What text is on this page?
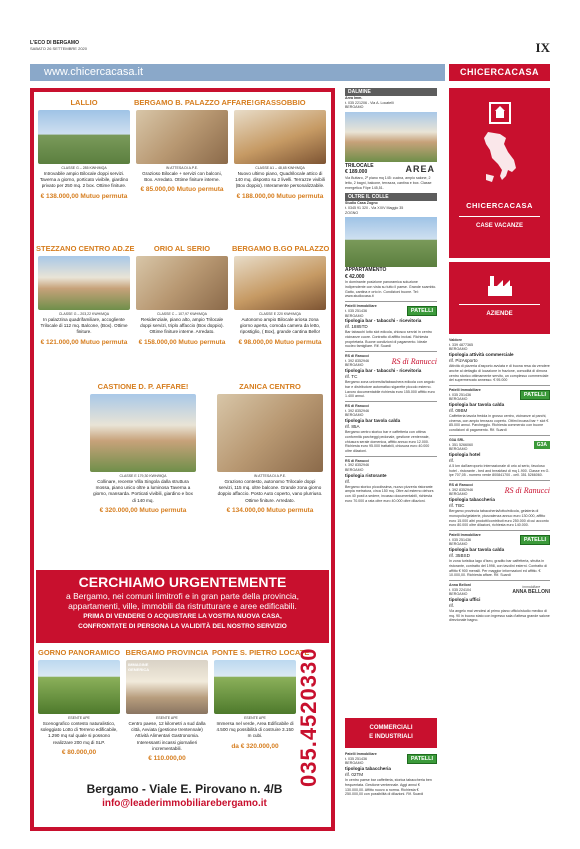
L'ECO DI BERGAMO
SABATO 26 SETTEMBRE 2020	IX
www.chicercacasa.it	CHICERCACASA
LALLIO
CLASSE G – 285 KWH/MQA
Introvabile ampio Bilocale doppi servizi. Taverna a giorno, porticato vivibile, giardino privato per 250 mq. 2 box. Ottime finiture.
€ 138.000,00 Mutuo permuta
BERGAMO B. PALAZZO AFFARE!
IN ATTESA DI A.P.E.
Grazioso Bilocale + servizi con balconi, Box. Arredato. Ottime finiture interne.
€ 85.000,00 Mutuo permuta
GRASSOBBIO
CLASSE A1 – 48,65 KWH/MQA
Nuovo ultimo piano, Quadrilocale attico di 140 mq. disposto su 2 livelli. Terrazze vivibili (Box doppio). Interamente personalizzabile.
€ 188.000,00 Mutuo permuta
STEZZANO CENTRO AD.ZE
CLASSE G – 203,22 KWH/MQA
In palazzina quadrifamiliare, accogliente Trilocale di 112 mq. Balcone, (Box). Ottime finiture.
€ 121.000,00 Mutuo permuta
ORIO AL SERIO
CLASSE C – 107,97 KWH/MQA
Residenziale, piano alto, ampio Trilocale doppi servizi, triplo affaccio (Box doppio). Ottime finiture interne. Arredato.
€ 158.000,00 Mutuo permuta
BERGAMO B.GO PALAZZO
CLASSE E 220 KWH/MQA
Autonomo ampio Bilocale ariosa zona giorno aperta, comoda camera da letto, ripostiglio, ( Box), grande cantina Bello!
€ 98.000,00 Mutuo permuta
CASTIONE D. P. AFFARE!
CLASSE E 179,30 KWH/MQA
Collinare, recente Villa Singola dalla struttura mossa, piano unico oltre a luminosa Taverna a giorno, mansarda. Porticati vivibili, giardino e box di 140 mq.
€ 320.000,00 Mutuo permuta
ZANICA CENTRO
IN ATTESA DI A.P.E.
Grazioso contesto, autonomo Trilocale doppi servizi, 115 mq. oltre balcone. Grande zona giorno doppio affaccio. Posto Auto coperto, vano plurriuso. Ottime finiture. Arredato.
€ 134.000,00 Mutuo permuta
CERCHIAMO URGENTEMENTE
a Bergamo, nei comuni limitrofi e in gran parte della provincia,
appartamenti, ville, immobili da ristrutturare e aree edificabili.
PRIMA DI VENDERE O ACQUISTARE LA VOSTRA NUOVA CASA,
CONFRONTATE DI PERSONA LA VALIDITÀ DEL NOSTRO SERVIZIO
GORNO PANORAMICO
ESENTE APE
Scenografico contesto naturalistico, soleggiato Lotto di Terreno edificabile, 1.290 mq sul quale si possono realizzare 200 mq di SLP.
€ 80.000,00
BERGAMO PROVINCIA
IMMAGINE GENERICA
ESENTE APE
Centro paese, 12 kilometri a sud dalla città, Avviata (gestione trentennale) Attività Alimentari Gastronomia. Interessanti incassi giornalieri incrementabili.
€ 110.000,00
PONTE S. PIETRO LOCATE
ESENTE APE
Immersa nel verde, Area Edificabile di 4.500 mq possibilità di costruire 3.150 m cubi.
da € 320.000,00 035.4520330
Bergamo - Viale E. Pirovano n. 4/B
info@leaderimmobiliarebergamo.it
DALMINE
Area Imm.
t. 035 221206 - Via A. Locatelli
BERGAMO
TRILOCALE
€ 189.000	AREA
Via Buttaro, 2º piano mq 145: cucina, ampio salone, 2 letto, 2 bagni, balcone, terrazza, cantina e box. Classe energetica F/ipe 145,51.
OLTRE IL COLLE
Studio Casa Zogno
t. 0345 91 320 - Via XXIV Maggio 35
ZOGNO
APPARTAMENTO
€ 42.000
In dominante posizione panoramica soluzione indipendente con vista su tutto il paese. Grande scambio. Gatto, cantina e orto in. Condizioni buone. Tel: www.studiocasa.it
Patelli Immobiliare
t. 035 251436
BERGAMO
PATELLI
tipologia bar - tabacchi - ricevitoria
rif. 1885TD
Bar tabacchi lotto slot edicola, chiosco servizi in centro vicinanze cuore. Contratto di affitto inclusi. Richiesta proprietaria. Buone condizioni di pagamento. Ideale nucleo famigliare. Rif. Suardi
RS di Ranucci
t. 392 8352946
BERGAMO	RS di Ranucci
tipologia bar - tabacchi - ricevitoria
rif. TC
Bergamo zona universita/tabacchera edicola con angolo bar e distributore automatico sigarette piccolo esterno. Lavoro documentabile richiesta euro 155.000 affitto euro 1.400 annui.
RS di Ranucci
t. 392 8352946
BERGAMO
tipologia bar tavola calda
rif. 85A
Bergamo centro storico bar e caffetteria con ottima conformità parcheggi pedonale, gestione ventennale, chiusura serale domenica, affitto annuo euro 12.000. Richiesta euro 95.000 trattabili, chiusura euro 40.000 oltre dilazioni.
RS di Ranucci
t. 392 8352946
BERGAMO
tipologia ristorante
rif.
Bergamo storico piccolissima, nuovo pizzeria ristorante ampia metratura, circa 150 mq. Oltre ad esterno dehors con 40 posti a sedere, incasso documentabili, richiesta euro 70.000 a rata oltre euro 40.000 oltre dilazioni.
COMMERCIALI
E INDUSTRIALI
Patelli Immobiliare
t. 035 251436
BERGAMO
PATELLI
tipologia tabaccheria
rif. 02TM
In centro paese bar caffetteria, storica tabaccheria ben frequentata. Gestione ventennale. Aggi annui € 130.000,00. Affitto nuovo a norma. Richiesta € 250.000,00 con possibilità di dilazioni. Rif. Suardi
CHICERCACASA
CASE VACANZE
AZIENDE
Valdore
t. 339 4877365
BERGAMO
tipologia attività commerciale
rif. PizAsporto
Attività di pizzeria d'asporto avviata e di buona resa da vendere anche al dettaglio di locazione in frazione, comodità di dimora centro storico ottimamente servito, un complesso commerciale del supermercato annesso. € 95.000
Patelli Immobiliare
t. 035 251436
BERGAMO
PATELLI
tipologia bar tavola calda
rif. 09BM
Caffetteria tavola fredda in grosso centro, vicinanze ai parchi, cinema, con ampio terrazzo coperto. Ottimi incassi bar + slot € 85.000 annui. Parcheggio. Richiesta commercio con buone condizioni di pagamento. Rif. Suardi
G3A SRL
t. 351 5266060
BERGAMO
G3A
tipologia hotel
rif.
A 5 km dall'aeroporto internazionale di orio al serio, favoloso hotel - ristorante - bed and breakfast di mq 1.900. Classe en G. ipe 707,05 - numero verde 800841700 - cell. 351 5266060.
RS di Ranucci
t. 392 8352946
BERGAMO	RS di Ranucci
tipologia tabaccheria
rif. TBC
Bergamo provincia tabaccheria/lotto/edicola, gelateria di monopolio/gelaterie, plusvalenza annuo euro 130.000, affitto euro 15.000 altri prodotti/contributi euro 250.000 di cui acconto euro 80.000 oltre dilazioni, richiesta euro 140.000.
Patelli Immobiliare
t. 035 251436
BERGAMO
PATELLI
tipologia bar tavola calda
rif. 35BSD
In zona turistica lago d'Iseo, gradito bar caffetteria, sfrutta in ristorante, contratto del 1998, con tavolini esterni. Contratto di affitto € 900 mensili. Per maggior informazioni ed affitto. € 10.000,00. Richiesta affare. Rif. Suardi
Anna Belloni
t. 035 224104
BERGAMO
immobiliare
ANNA BELLONI
tipologia uffici
rif.
Via angelo mai vendesi al primo piano ufficio/studio medico di mq. 90 in buono stato con ingresso sala d'attesa grande salone direzionale bagno.
